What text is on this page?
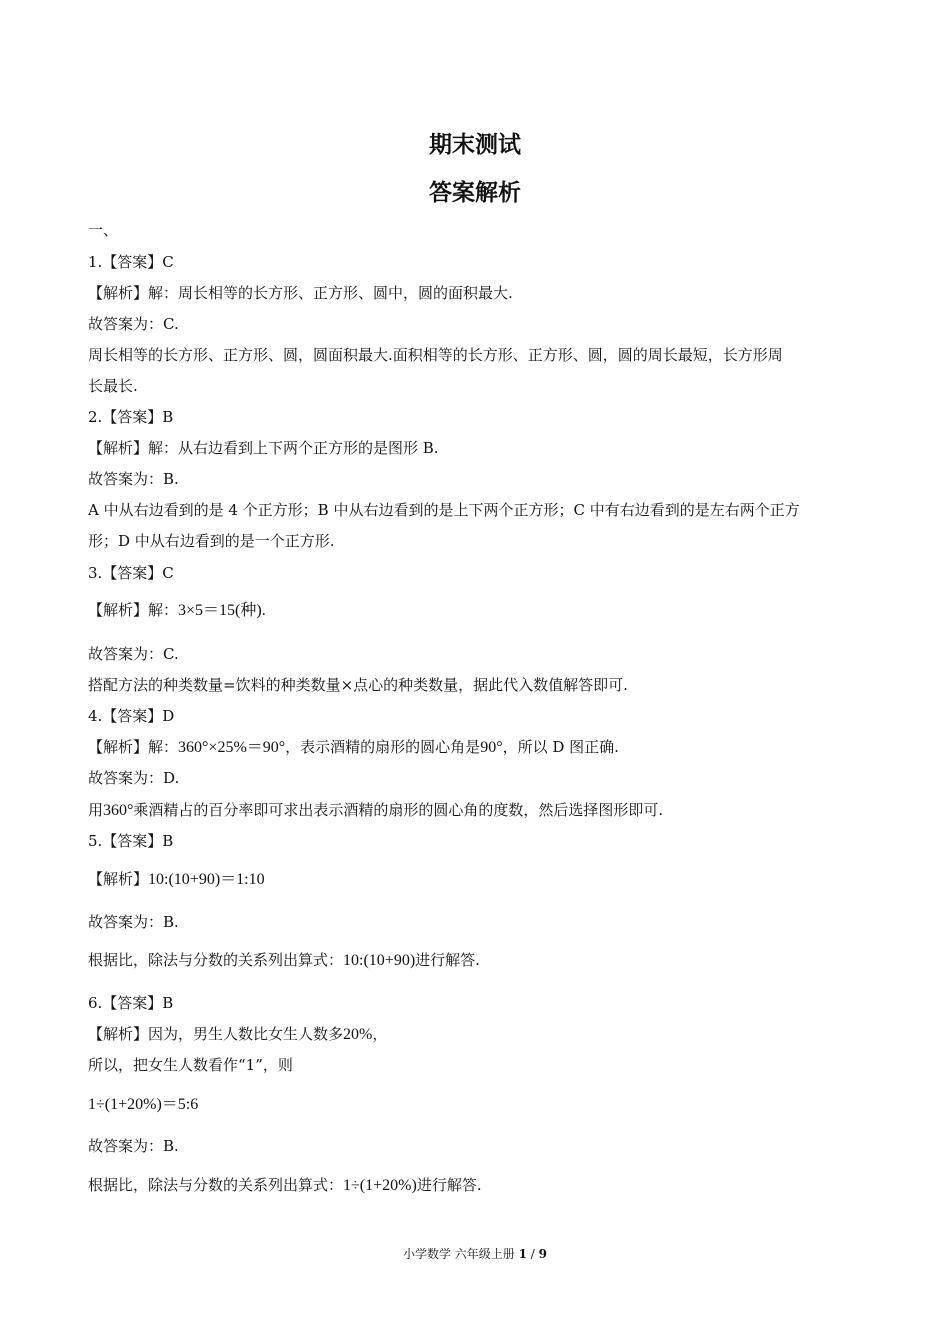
期末测试
答案解析
一、
1.【答案】C
【解析】解：周长相等的长方形、正方形、圆中，圆的面积最大.
故答案为：C.
周长相等的长方形、正方形、圆，圆面积最大.面积相等的长方形、正方形、圆，圆的周长最短，长方形周
长最长.
2.【答案】B
【解析】解：从右边看到上下两个正方形的是图形 B.
故答案为：B.
A 中从右边看到的是 4 个正方形；B 中从右边看到的是上下两个正方形；C 中有右边看到的是左右两个正方
形；D 中从右边看到的是一个正方形.
3.【答案】C
【解析】解：3×5＝15(种).
故答案为：C.
搭配方法的种类数量=饮料的种类数量×点心的种类数量，据此代入数值解答即可.
4.【答案】D
【解析】解：360°×25%＝90°，表示酒精的扇形的圆心角是90°，所以 D 图正确.
故答案为：D.
用360°乘酒精占的百分率即可求出表示酒精的扇形的圆心角的度数，然后选择图形即可.
5.【答案】B
【解析】10:(10+90)＝1:10
故答案为：B.
根据比，除法与分数的关系列出算式：10:(10+90)进行解答.
6.【答案】B
【解析】因为，男生人数比女生人数多20%，
所以，把女生人数看作“1”，则
1÷(1+20%)＝5:6
故答案为：B.
根据比，除法与分数的关系列出算式：1÷(1+20%)进行解答.
小学数学 六年级上册 1 / 9
